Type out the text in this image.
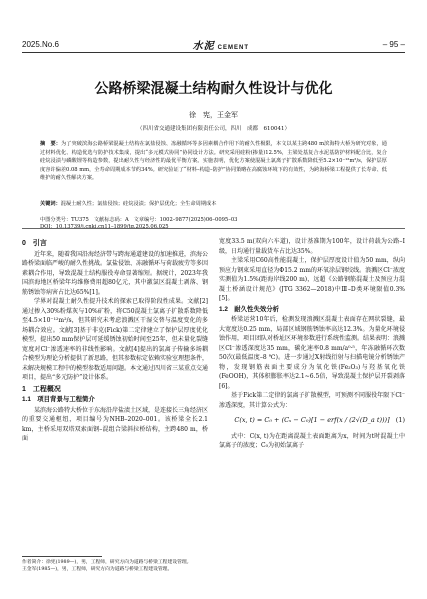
2025.No.6	水泥 CEMENT	– 95 –
公路桥梁混凝土结构耐久性设计与优化
徐　宪，王金军
（四川省交通建设集团有限责任公司，四川　成都　610041）
摘　要：为了突破滨海公路桥梁混凝土结构在氯盐侵蚀、冻融循环等多因素耦合作用下的耐久性极限，本文以某主跨480 m滨海特大桥为研究对象，通过材料优化、构造优选与防护技术集成，提出“多元模式协同”协同设计方法。研究采用硅粉(掺量)12.5%，主梁处基复合水泥基防护材料配合比，复合硅烷浸渍与磷酸锂等构造参数，提出耐久性与经济性的最优平衡方案。实施表明，优化方案使混凝土氯离子扩散系数降低至5.2×10⁻¹²m²/s，保护层厚度容许偏差0.08 mm，全寿命周期成本节约34%。研究验证了“材料–构造–防护”协同策略在高腐蚀环境下的有效性，为跨海桥梁工程提供了长寿命、低维护的耐久性解决方案。
关键词：混凝土耐久性；氯盐侵蚀；硅烷浸渍；保护层优化；全生命周期成本
中图分类号：TU375 文献标志码：A 文章编号：1002–9877(2025)06–0095–03
DOI：10.13739/j.cnki.cn11–1899/tq.2025.06.025
0　引言

近年来，随着我国沿海经济带与跨海通道建设的加速推进，滨海公路桥梁面临严峻的耐久性挑战。氯盐侵蚀、冻融循环与荷载疲劳等多因素耦合作用，导致混凝土结构服役寿命显著缩短。据统计，2023年我国滨海地区桥梁年均维修费用超80亿元，其中激氯区混凝土剥落、钢筋锈蚀等病害占比达65%[1]。

学界对混凝土耐久性提升技术的探索已取得阶段性成果。文献[2]通过掺入30%粉煤灰与10%矿粉，将C50混凝土氯离子扩散系数降低至4.5×10⁻¹²m²/s，但其研究未考虑浪溅区干湿交替与温度变化的多场耦合效应。文献[3]基于非克(Fick)第二定律建立了保护层厚度优化模型，提出50 mm保护层可延缓锈蚀初始时间至25年，但未量化裂缝宽度对Cl⁻渗透速率的非线性影响。文献[4]提出的氯离子传输多场耦合模型为理论分析提供了新思路，但其参数标定依赖实验室理想条件，未解决规模工程中的模型参数适用问题。本文通过四川省三某重点交通项目，提出“多元防护”设计体系。

1　工程概况
1.1　项目背景与工程简介

某滨海公路特大桥位于东海沿岸盐渍土区域，是连接长三角经济区的重要交通枢纽，项目编号为NHB–2020–001。该桥梁全长2.1 km，主桥采用双塔双索面钢–混组合梁斜拉桥结构，主跨480 m，桥面

宽度33.5 m(双向六车道)，设计基准期为100年，设计荷载为公路–Ⅰ级，日均通行量载货车占比达35%。

主梁采用C60高性能混凝土，保护层厚度设计值为50 mm，纵向预应力钢束采用直径为Φ15.2 mm的环氧涂层钢绞线。浪溅区Cl⁻浓度实测值为1.5%(距海岸线200 m)，远超《公路钢筋混凝土及预应力混凝土桥涵设计规范》(JTG 3362—2018)中Ⅲ–D类环境限值0.3%[5]。

1.2　耐久性失效分析

桥梁运营10年后，检测发现浪溅区混凝土表面存在网状裂缝，最大宽度达0.25 mm，局部区域钢筋锈蚀率高达12.3%。为量化环境侵蚀作用，项目团队对桥址区环境参数进行系统性监测。结果表明：浪溅区Cl⁻渗透深度达35 mm，碳化速率0.8 mm/a⁰·⁵，年冻融循环次数50次(最低温度–8 ℃)。进一步通过X射线衍射与扫描电镜分析锈蚀产物，发现钢筋表面主要成分为氧化铁(Fe₂O₃)与羟基氧化铁(FeOOH)，其体积膨胀率达2.1~6.5倍，导致混凝土保护层开裂剥落[6]。

基于Fick第二定律的氯离子扩散模型，可预测不同服役年限下Cl⁻渗透深度，其计算公式为：

C(x, t) = C₀ + (Cₛ − C₀)[1 − erf(x / (2√(D_a t)))] (1)

式中：C(x, t)为在距离混凝土表面距离为x，时间为t时混凝土中氯离子的浓度；C₀为初始氯离子

作者简介：徐宪(1989—)，男，工程师，研究方向为道路与桥梁工程建设管理。
王金军(1985—)，男，工程师，研究方向为道路与桥梁工程建设管理。
